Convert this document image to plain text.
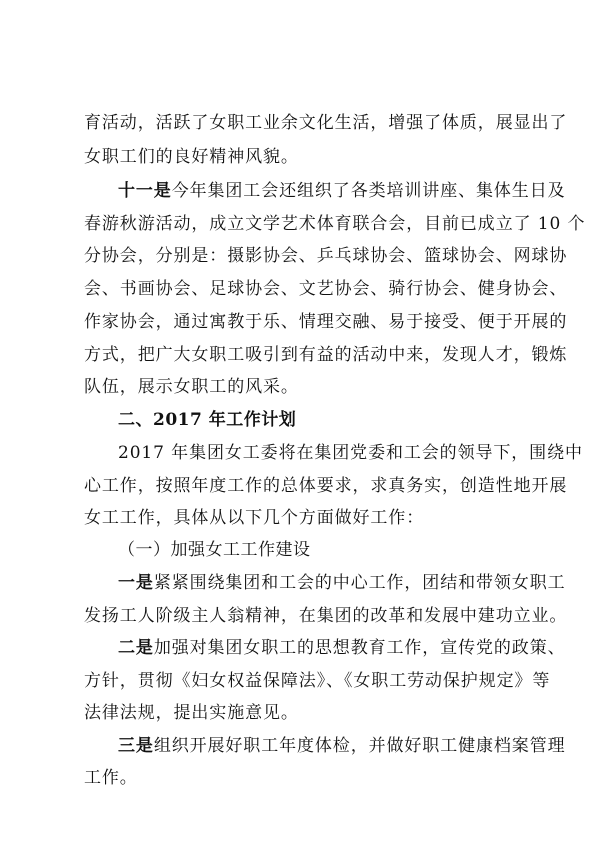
育活动，活跃了女职工业余文化生活，增强了体质，展显出了
女职工们的良好精神风貌。
十一是今年集团工会还组织了各类培训讲座、集体生日及
春游秋游活动，成立文学艺术体育联合会，目前已成立了 10 个
分协会，分别是：摄影协会、乒乓球协会、篮球协会、网球协
会、书画协会、足球协会、文艺协会、骑行协会、健身协会、
作家协会，通过寓教于乐、情理交融、易于接受、便于开展的
方式，把广大女职工吸引到有益的活动中来，发现人才，锻炼
队伍，展示女职工的风采。
二、2017 年工作计划
2017 年集团女工委将在集团党委和工会的领导下，围绕中
心工作，按照年度工作的总体要求，求真务实，创造性地开展
女工工作，具体从以下几个方面做好工作：
（一）加强女工工作建设
一是紧紧围绕集团和工会的中心工作，团结和带领女职工
发扬工人阶级主人翁精神，在集团的改革和发展中建功立业。
二是加强对集团女职工的思想教育工作，宣传党的政策、
方针，贯彻《妇女权益保障法》、《女职工劳动保护规定》等
法律法规，提出实施意见。
三是组织开展好职工年度体检，并做好职工健康档案管理
工作。
